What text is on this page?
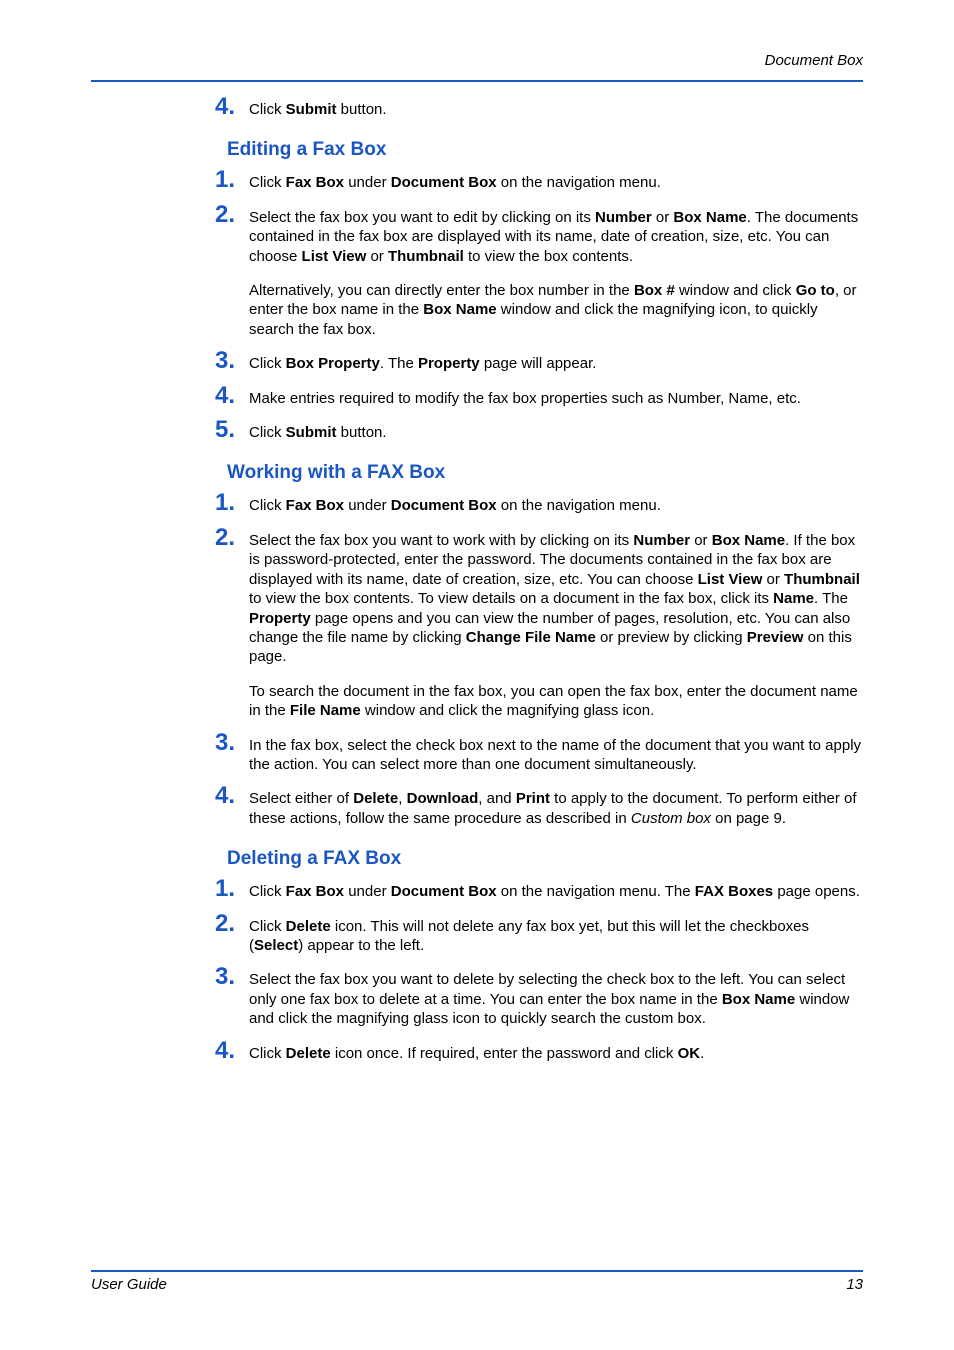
Document Box
4. Click Submit button.

Editing a Fax Box
1. Click Fax Box under Document Box on the navigation menu.

2. Select the fax box you want to edit by clicking on its Number or Box Name. The documents contained in the fax box are displayed with its name, date of creation, size, etc. You can choose List View or Thumbnail to view the box contents.

Alternatively, you can directly enter the box number in the Box # window and click Go to, or enter the box name in the Box Name window and click the magnifying icon, to quickly search the fax box.

3. Click Box Property. The Property page will appear.

4. Make entries required to modify the fax box properties such as Number, Name, etc.

5. Click Submit button.

Working with a FAX Box
1. Click Fax Box under Document Box on the navigation menu.

2. Select the fax box you want to work with by clicking on its Number or Box Name. If the box is password-protected, enter the password. The documents contained in the fax box are displayed with its name, date of creation, size, etc. You can choose List View or Thumbnail to view the box contents. To view details on a document in the fax box, click its Name. The Property page opens and you can view the number of pages, resolution, etc. You can also change the file name by clicking Change File Name or preview by clicking Preview on this page.

To search the document in the fax box, you can open the fax box, enter the document name in the File Name window and click the magnifying glass icon.

3. In the fax box, select the check box next to the name of the document that you want to apply the action. You can select more than one document simultaneously.

4. Select either of Delete, Download, and Print to apply to the document. To perform either of these actions, follow the same procedure as described in Custom box on page 9.

Deleting a FAX Box
1. Click Fax Box under Document Box on the navigation menu. The FAX Boxes page opens.

2. Click Delete icon. This will not delete any fax box yet, but this will let the checkboxes (Select) appear to the left.

3. Select the fax box you want to delete by selecting the check box to the left. You can select only one fax box to delete at a time. You can enter the box name in the Box Name window and click the magnifying glass icon to quickly search the custom box.

4. Click Delete icon once. If required, enter the password and click OK.

User Guide	13
